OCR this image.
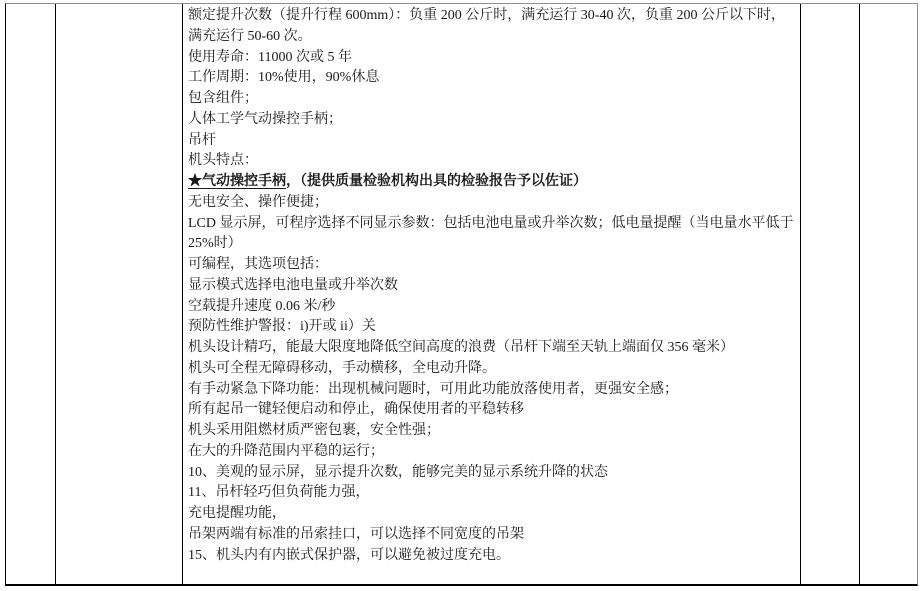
额定提升次数（提升行程 600mm）：负重 200 公斤时，满充运行 30-40 次，负重 200 公斤以下时，满充运行 50-60 次。

使用寿命：11000 次或 5 年

工作周期：10%使用，90%休息

包含组件；

人体工学气动操控手柄；

吊杆

机头特点：

★气动操控手柄，（提供质量检验机构出具的检验报告予以佐证）

无电安全、操作便捷；

LCD 显示屏，可程序选择不同显示参数：包括电池电量或升举次数；低电量提醒（当电量水平低于 25%时）

可编程，其选项包括：

显示模式选择电池电量或升举次数

空载提升速度 0.06 米/秒

预防性维护警报：i)开或 ii）关

机头设计精巧，能最大限度地降低空间高度的浪费（吊杆下端至天轨上端面仅 356 毫米）

机头可全程无障碍移动，手动横移，全电动升降。

有手动紧急下降功能：出现机械问题时，可用此功能放落使用者，更强安全感；

所有起吊一键轻便启动和停止，确保使用者的平稳转移

机头采用阻燃材质严密包裹，安全性强；

在大的升降范围内平稳的运行；

10、美观的显示屏，显示提升次数，能够完美的显示系统升降的状态

11、吊杆轻巧但负荷能力强，

充电提醒功能，

吊架两端有标准的吊索挂口，可以选择不同宽度的吊架

15、机头内有内嵌式保护器，可以避免被过度充电。
